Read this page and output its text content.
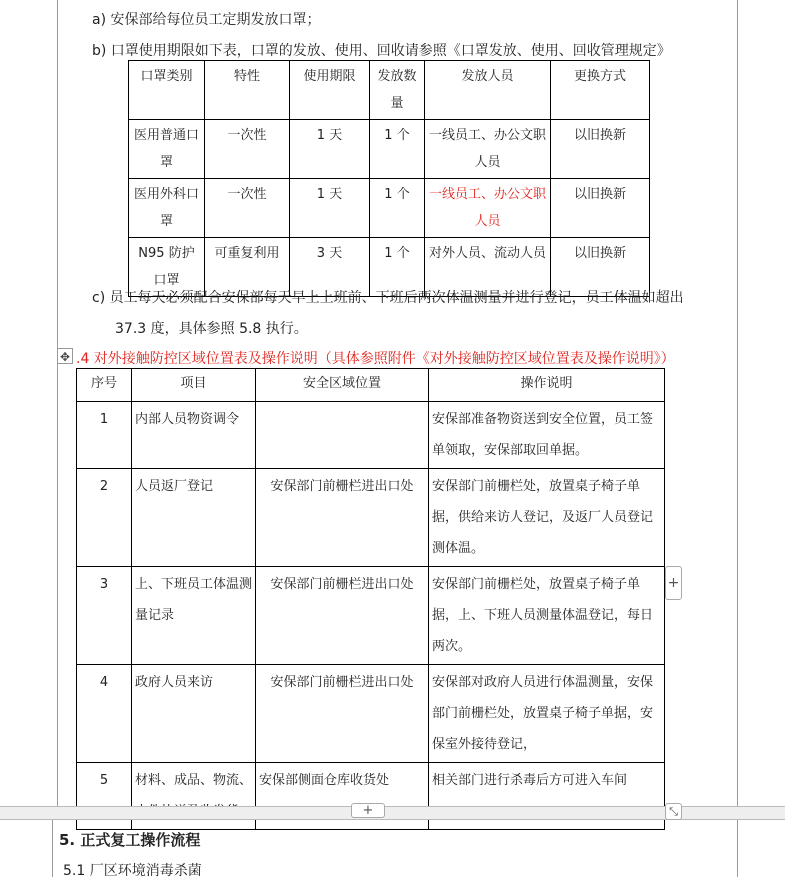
a) 安保部给每位员工定期发放口罩；
b) 口罩使用期限如下表，口罩的发放、使用、回收请参照《口罩发放、使用、回收管理规定》
口罩类别	特性	使用期限	发放数量	发放人员	更换方式
医用普通口罩	一次性	1 天	1 个	一线员工、办公文职人员	以旧换新
医用外科口罩	一次性	1 天	1 个	一线员工、办公文职人员	以旧换新
N95 防护口罩	可重复利用	3 天	1 个	对外人员、流动人员	以旧换新
c) 员工每天必须配合安保部每天早上上班前、下班后两次体温测量并进行登记，员工体温如超出
37.3 度，具体参照 5.8 执行。
✥ .4 对外接触防控区域位置表及操作说明（具体参照附件《对外接触防控区域位置表及操作说明》）
序号	项目	安全区域位置	操作说明
1	内部人员物资调令		安保部准备物资送到安全位置，员工签单领取，安保部取回单据。
2	人员返厂登记	安保部门前栅栏进出口处	安保部门前栅栏处，放置桌子椅子单据，供给来访人登记，及返厂人员登记测体温。
3	上、下班员工体温测量记录	安保部门前栅栏进出口处	安保部门前栅栏处，放置桌子椅子单据，上、下班人员测量体温登记，每日两次。
4	政府人员来访	安保部门前栅栏进出口处	安保部对政府人员进行体温测量，安保部门前栅栏处，放置桌子椅子单据，安保室外接待登记，
5	材料、成品、物流、	安保部侧面仓库收货处	相关部门进行杀毒后方可进入车间
+
+	⤡
5. 正式复工操作流程
5.1 厂区环境消毒杀菌
